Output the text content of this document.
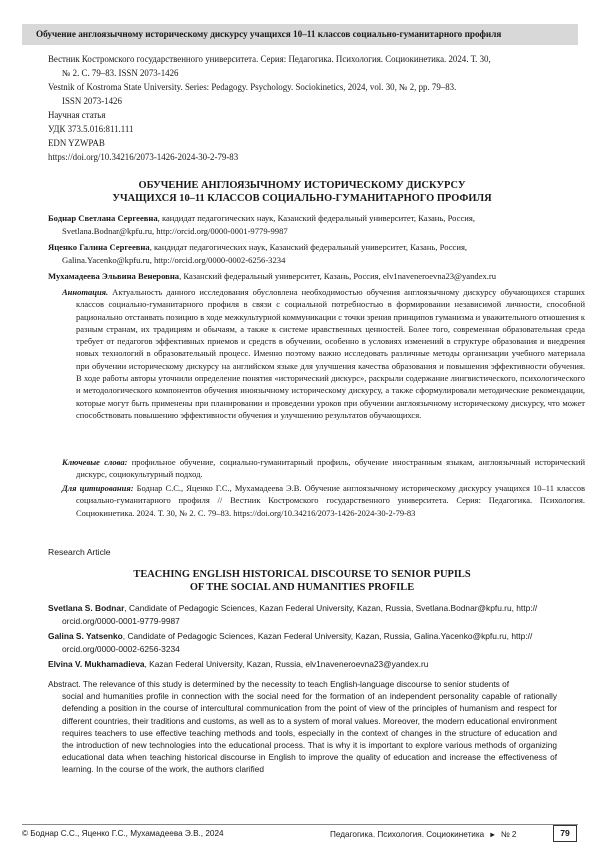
Обучение англоязычному историческому дискурсу учащихся 10–11 классов социально-гуманитарного профиля
Вестник Костромского государственного университета. Серия: Педагогика. Психология. Социокинетика. 2024. Т. 30,
№ 2. С. 79–83. ISSN 2073-1426
Vestnik of Kostroma State University. Series: Pedagogy. Psychology. Sociokinetics, 2024, vol. 30, № 2, pp. 79–83.
ISSN 2073-1426
Научная статья
УДК 373.5.016:811.111
EDN YZWPAB
https://doi.org/10.34216/2073-1426-2024-30-2-79-83
ОБУЧЕНИЕ АНГЛОЯЗЫЧНОМУ ИСТОРИЧЕСКОМУ ДИСКУРСУ
УЧАЩИХСЯ 10–11 КЛАССОВ СОЦИАЛЬНО-ГУМАНИТАРНОГО ПРОФИЛЯ
Боднар Светлана Сергеевна, кандидат педагогических наук, Казанский федеральный университет, Казань, Россия,
Svetlana.Bodnar@kpfu.ru, http://orcid.org/0000-0001-9779-9987
Яценко Галина Сергеевна, кандидат педагогических наук, Казанский федеральный университет, Казань, Россия,
Galina.Yacenko@kpfu.ru, http://orcid.org/0000-0002-6256-3234
Мухамадеева Эльвина Венеровна, Казанский федеральный университет, Казань, Россия, elv1naveneroevna23@yandex.ru
Аннотация. Актуальность данного исследования обусловлена необходимостью обучения англоязычному дискурсу обучающихся старших классов социально-гуманитарного профиля в связи с социальной потребностью в формировании независимой личности, способной рационально отстаивать позицию в ходе межкультурной коммуникации с точки зрения принципов гуманизма и уважительного отношения к разным странам, их традициям и обычаям, а также к системе нравственных ценностей. Более того, современная образовательная среда требует от педагогов эффективных приемов и средств в обучении, особенно в условиях изменений в структуре образования и внедрения новых технологий в образовательный процесс. Именно поэтому важно исследовать различные методы организации учебного материала при обучении историческому дискурсу на английском языке для улучшения качества образования и повышения эффективности обучения. В ходе работы авторы уточнили определение понятия «исторический дискурс», раскрыли содержание лингвистического, психологического и методологического компонентов обучения иноязычному историческому дискурсу, а также сформулировали методические рекомендации, которые могут быть применены при планировании и проведении уроков при обучении англоязычному историческому дискурсу, что может способствовать повышению эффективности обучения и улучшению результатов обучающихся.
Ключевые слова: профильное обучение, социально-гуманитарный профиль, обучение иностранным языкам, англоязычный исторический дискурс, социокультурный подход.
Для цитирования: Боднар С.С., Яценко Г.С., Мухамадеева Э.В. Обучение англоязычному историческому дискурсу учащихся 10–11 классов социально-гуманитарного профиля // Вестник Костромского государственного университета. Серия: Педагогика. Психология. Социокинетика. 2024. Т. 30, № 2. С. 79–83. https://doi.org/10.34216/2073-1426-2024-30-2-79-83
Research Article
TEACHING ENGLISH HISTORICAL DISCOURSE TO SENIOR PUPILS
OF THE SOCIAL AND HUMANITIES PROFILE
Svetlana S. Bodnar, Candidate of Pedagogic Sciences, Kazan Federal University, Kazan, Russia, Svetlana.Bodnar@kpfu.ru, http://
orcid.org/0000-0001-9779-9987
Galina S. Yatsenko, Candidate of Pedagogic Sciences, Kazan Federal University, Kazan, Russia, Galina.Yacenko@kpfu.ru, http://
orcid.org/0000-0002-6256-3234
Elvina V. Mukhamadieva, Kazan Federal University, Kazan, Russia, elv1naveneroevna23@yandex.ru
Abstract. The relevance of this study is determined by the necessity to teach English-language discourse to senior students of
social and humanities profile in connection with the social need for the formation of an independent personality capable of rationally defending a position in the course of intercultural communication from the point of view of the principles of humanism and respect for different countries, their traditions and customs, as well as to a system of moral values. Moreover, the modern educational environment requires teachers to use effective teaching methods and tools, especially in the context of changes in the structure of education and the introduction of new technologies into the educational process. That is why it is important to explore various methods of organizing educational data when teaching historical discourse in English to improve the quality of education and increase the effectiveness of learning. In the course of the work, the authors clarified
© Боднар С.С., Яценко Г.С., Мухамадеева Э.В., 2024	Педагогика. Психология. Социокинетика ▸ № 2	79
